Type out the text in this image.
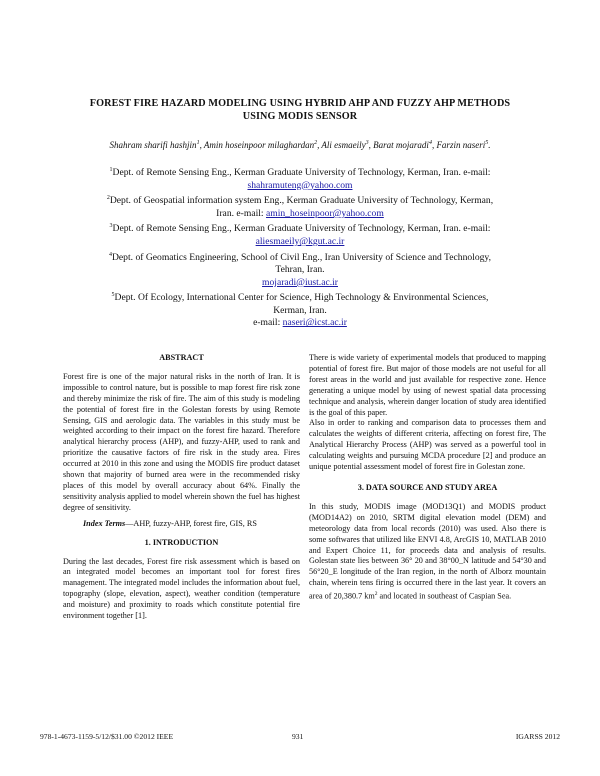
FOREST FIRE HAZARD MODELING USING HYBRID AHP AND FUZZY AHP METHODS
USING MODIS SENSOR
Shahram sharifi hashjin$^1$, Amin hoseinpoor milaghardan$^2$, Ali esmaeily$^3$, Barat mojaradi$^4$, Farzin naseri$^5$.

$^1$Dept. of Remote Sensing Eng., Kerman Graduate University of Technology, Kerman, Iran. e-mail:

shahramuteng@yahoo.com

$^2$Dept. of Geospatial information system Eng., Kerman Graduate University of Technology, Kerman,

Iran. e-mail: amin_hoseinpoor@yahoo.com

$^3$Dept. of Remote Sensing Eng., Kerman Graduate University of Technology, Kerman, Iran. e-mail:

aliesmaeily@kgut.ac.ir

$^4$Dept. of Geomatics Engineering, School of Civil Eng., Iran University of Science and Technology,

Tehran, Iran.

mojaradi@iust.ac.ir

$^5$Dept. Of Ecology, International Center for Science, High Technology & Environmental Sciences,

Kerman, Iran.

e-mail: naseri@icst.ac.ir

ABSTRACT

Forest fire is one of the major natural risks in the north of Iran. It is impossible to control nature, but is possible to map forest fire risk zone and thereby minimize the risk of fire. The aim of this study is modeling the potential of forest fire in the Golestan forests by using Remote Sensing, GIS and aerologic data. The variables in this study must be weighted according to their impact on the forest fire hazard. Therefore analytical hierarchy process (AHP), and fuzzy-AHP, used to rank and prioritize the causative factors of fire risk in the study area. Fires occurred at 2010 in this zone and using the MODIS fire product dataset shown that majority of burned area were in the recommended risky places of this model by overall accuracy about 64%. Finally the sensitivity analysis applied to model wherein shown the fuel has highest degree of sensitivity.

Index Terms—AHP, fuzzy-AHP, forest fire, GIS, RS

1. INTRODUCTION

During the last decades, Forest fire risk assessment which is based on an integrated model becomes an important tool for forest fires management. The integrated model includes the information about fuel, topography (slope, elevation, aspect), weather condition (temperature and moisture) and proximity to roads which constitute potential fire environment together [1].

There is wide variety of experimental models that produced to mapping potential of forest fire. But major of those models are not useful for all forest areas in the world and just available for respective zone. Hence generating a unique model by using of newest spatial data processing technique and analysis, wherein danger location of study area identified is the goal of this paper.

Also in order to ranking and comparison data to processes them and calculates the weights of different criteria, affecting on forest fire, The Analytical Hierarchy Process (AHP) was served as a powerful tool in calculating weights and pursuing MCDA procedure [2] and produce an unique potential assessment model of forest fire in Golestan zone.

3. DATA SOURCE AND STUDY AREA

In this study, MODIS image (MOD13Q1) and MODIS product (MOD14A2) on 2010, SRTM digital elevation model (DEM) and meteorology data from local records (2010) was used. Also there is some softwares that utilized like ENVI 4.8, ArcGIS 10, MATLAB 2010 and Expert Choice 11, for proceeds data and analysis of results. Golestan state lies between 36° 20 and 38°00_N latitude and 54°30 and 56°20_E longitude of the Iran region, in the north of Alborz mountain chain, wherein tens firing is occurred there in the last year. It covers an area of 20,380.7 $km^2$ and located in southeast of Caspian Sea.

978-1-4673-1159-5/12/$31.00 ©2012 IEEE	931	IGARSS 2012
